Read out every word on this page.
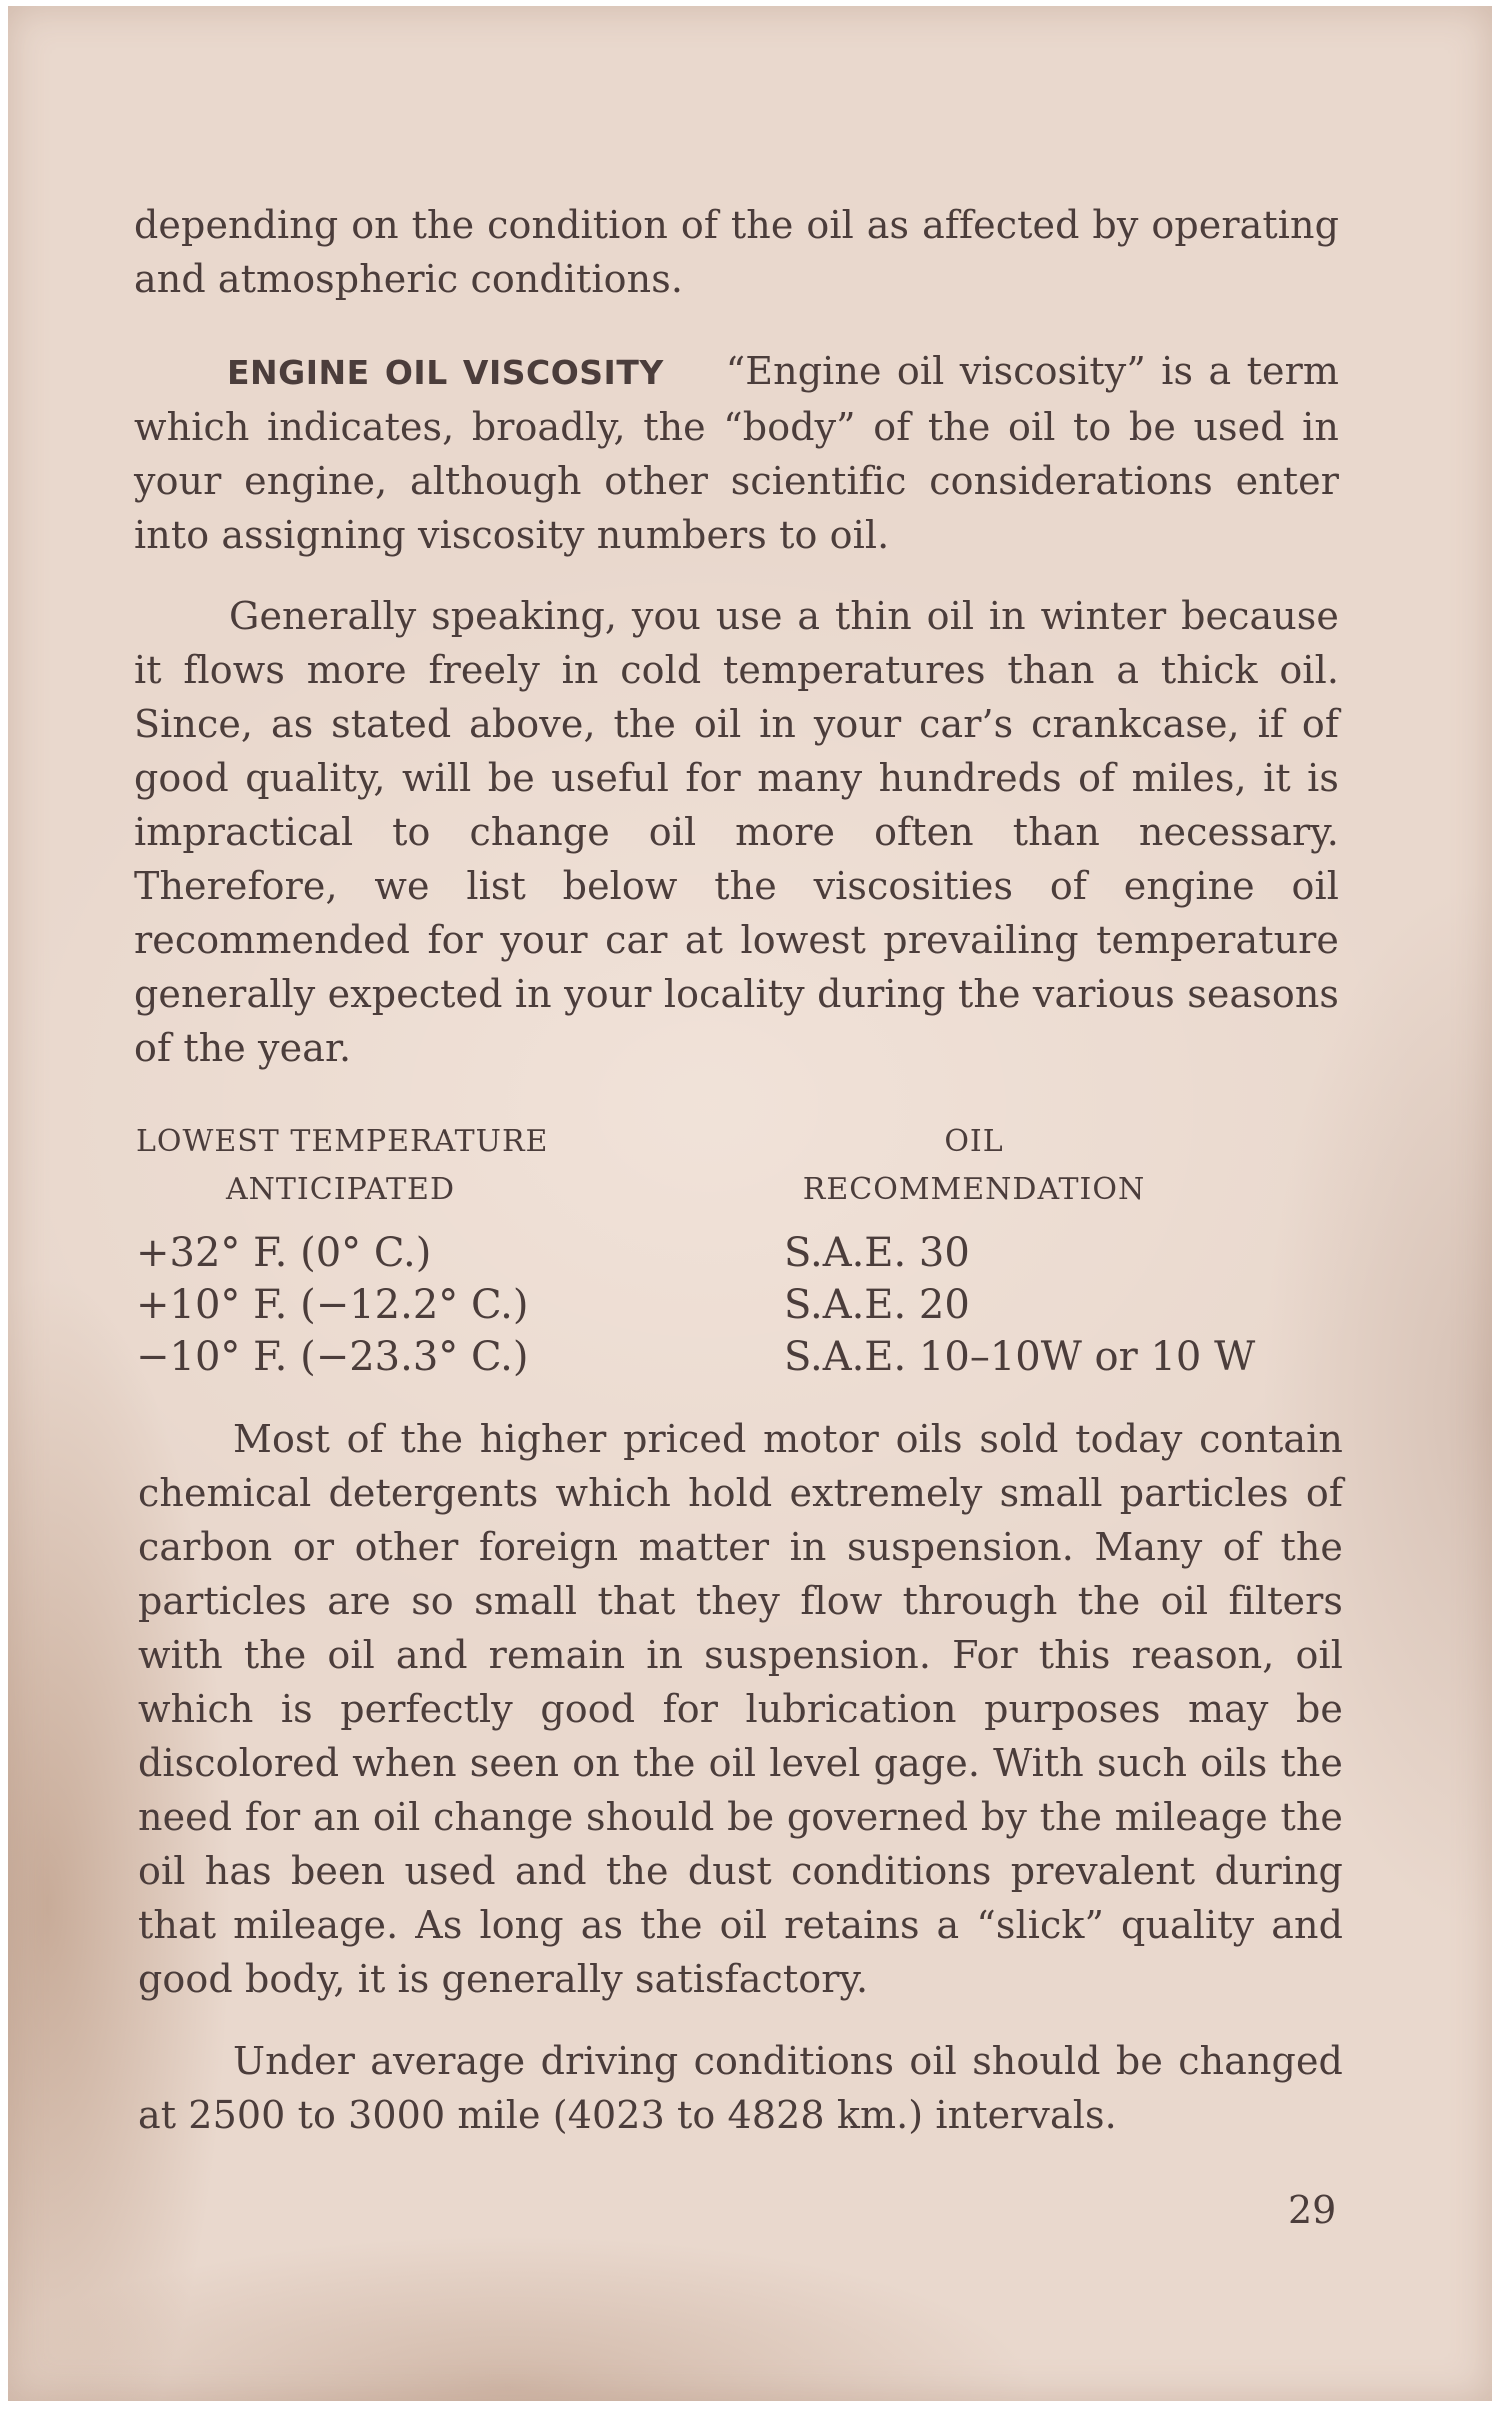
depending on the condition of the oil as affected by operating and atmospheric conditions.

ENGINE OIL VISCOSITY “Engine oil viscosity” is a term which indicates, broadly, the “body” of the oil to be used in your engine, although other scientific considerations enter into assigning viscosity numbers to oil.

Generally speaking, you use a thin oil in winter because it flows more freely in cold temperatures than a thick oil. Since, as stated above, the oil in your car’s crankcase, if of good quality, will be useful for many hundreds of miles, it is impractical to change oil more often than necessary. Therefore, we list below the viscosities of engine oil recommended for your car at lowest prevailing temperature generally expected in your locality during the various seasons of the year.

LOWEST TEMPERATURE
ANTICIPATED
OIL
RECOMMENDATION
+32° F. (0° C.)	S.A.E. 30
+10° F. (−12.2° C.)	S.A.E. 20
−10° F. (−23.3° C.)	S.A.E. 10–10W or 10 W

Most of the higher priced motor oils sold today contain chemical detergents which hold extremely small particles of carbon or other foreign matter in suspension. Many of the particles are so small that they flow through the oil filters with the oil and remain in suspension. For this reason, oil which is perfectly good for lubrication purposes may be discolored when seen on the oil level gage. With such oils the need for an oil change should be governed by the mileage the oil has been used and the dust conditions prevalent during that mileage. As long as the oil retains a “slick” quality and good body, it is generally satisfactory.

Under average driving conditions oil should be changed at 2500 to 3000 mile (4023 to 4828 km.) intervals.

29
